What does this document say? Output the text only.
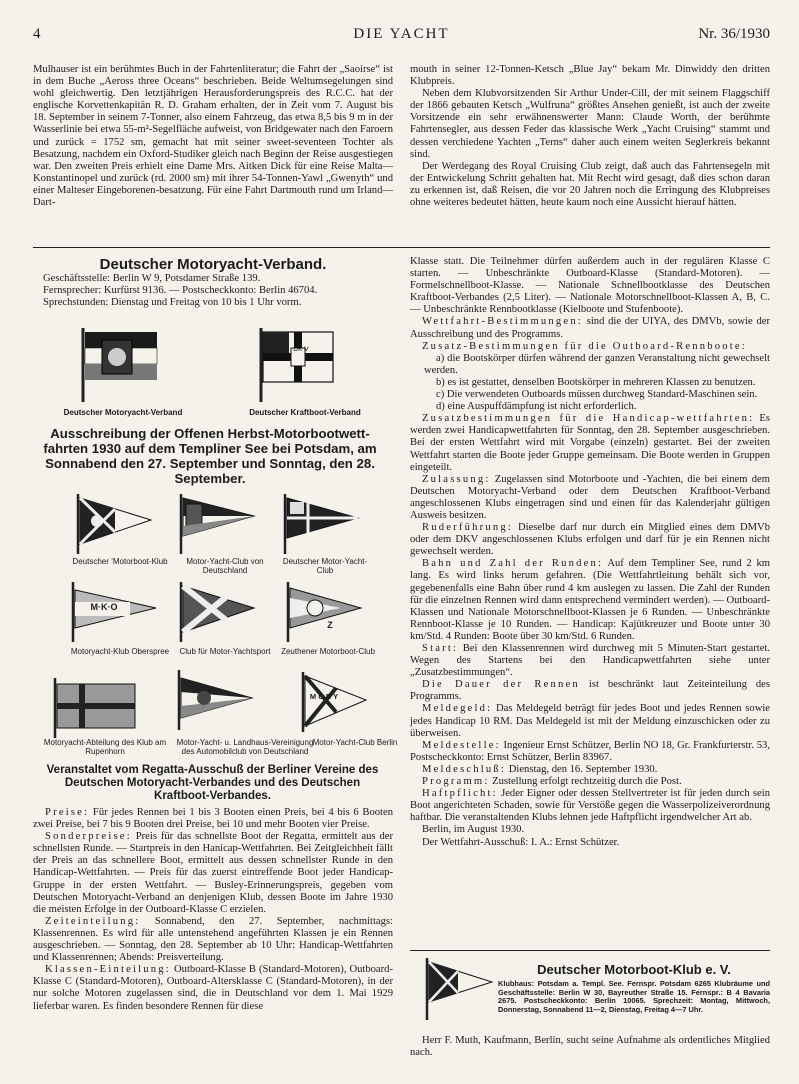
4	DIE YACHT	Nr. 36/1930

Mulhauser ist ein berühmtes Buch in der Fahrtenliteratur; die Fahrt der „Saoirse“ ist in dem Buche „Aeross three Oceans“ beschrieben. Beide Weltumsegelungen sind wohl gleichwertig. Den letztjährigen Herausforderungspreis des R.C.C. hat der englische Korvettenkapitän R. D. Graham erhalten, der in Zeit vom 7. August bis 18. September in seinem 7-Tonner, also einem Fahrzeug, das etwa 8,5 bis 9 m in der Wasserlinie bei etwa 55-m²-Segelfläche aufweist, von Bridgewater nach den Faroern und zurück = 1752 sm, gemacht hat mit seiner sweet-seventeen Tochter als Besatzung, nachdem ein Oxford-Studiker gleich nach Beginn der Reise ausgestiegen war. Den zweiten Preis erhielt eine Dame Mrs. Aitken Dick für eine Reise Malta—Konstantinopel und zurück (rd. 2000 sm) mit ihrer 54-Tonnen-Yawl „Gwenyth“ und einer Malteser Eingeborenen-besatzung. Für eine Fahrt Dartmouth rund um Irland—Dart-

mouth in seiner 12-Tonnen-Ketsch „Blue Jay“ bekam Mr. Dinwiddy den dritten Klubpreis.

Neben dem Klubvorsitzenden Sir Arthur Under-Cill, der mit seinem Flaggschiff der 1866 gebauten Ketsch „Wulfruna“ größtes Ansehen genießt, ist auch der zweite Vorsitzende ein sehr erwähnenswerter Mann: Claude Worth, der berühmte Fahrtensegler, aus dessen Feder das klassische Werk „Yacht Cruising“ stammt und dessen verchiedene Yachten „Terns“ daher auch einem weiten Seglerkreis bekannt sind.

Der Werdegang des Royal Cruising Club zeigt, daß auch das Fahrtensegeln mit der Entwickelung Schritt gehalten hat. Mit Recht wird gesagt, daß dies schon daran zu erkennen ist, daß Reisen, die vor 20 Jahren noch die Erringung des Klubpreises ohne weiteres bedeutet hätten, heute kaum noch eine Aussicht hierauf hätten.

Deutscher Motoryacht-Verband.
Geschäftsstelle: Berlin W 9, Potsdamer Straße 139.
Fernsprecher: Kurfürst 9136. — Postscheckkonto: Berlin 46704.
Sprechstunden: Dienstag und Freitag von 10 bis 1 Uhr vorm.
DK V
Deutscher Motoryacht-Verband	Deutscher Kraftboot-Verband
Ausschreibung der Offenen Herbst-Motorbootwett-fahrten 1930 auf dem Templiner See bei Potsdam, am Sonnabend den 27. September und Sonntag, den 28. September.
Deutscher ’Motorboot-Klub	Motor-Yacht-Club von Deutschland
Deutscher Motor-Yacht-Club
M·K·O
Z
Motoryacht-Klub Oberspree	Club für Motor-Yachtsport	Zeuthener Motorboot-Club
M C B Y
Motoryacht-Abteilung des Klub am Rupenhorn
Motor-Yacht- u. Landhaus-Vereinigung des Automobilclub von Deutschland
Motor-Yacht-Club Berlin
Veranstaltet vom Regatta-Ausschuß der Berliner Vereine des Deutschen Motoryacht-Verbandes und des Deutschen Kraftboot-Verbandes.

Preise: Für jedes Rennen bei 1 bis 3 Booten einen Preis, bei 4 bis 6 Booten zwei Preise, bei 7 bis 9 Booten drei Preise, bei 10 und mehr Booten vier Preise.

Sonderpreise: Preis für das schnellste Boot der Regatta, ermittelt aus der schnellsten Runde. — Startpreis in den Hanicap-Wettfahrten. Bei Zeitgleichheit fällt der Preis an das schnellere Boot, ermittelt aus dessen schnellster Runde in den Handicap-Wettfahrten. — Preis für das zuerst eintreffende Boot jeder Handicap-Gruppe in der ersten Wettfahrt. — Busley-Erinnerungspreis, gegeben vom Deutschen Motoryacht-Verband an denjenigen Klub, dessen Boote im Jahre 1930 die meisten Erfolge in der Outboard-Klasse C erzielen.

Zeiteinteilung: Sonnabend, den 27. September, nachmittags: Klassenrennen. Es wird für alle untenstehend angeführten Klassen je ein Rennen ausgeschrieben. — Sonntag, den 28. September ab 10 Uhr: Handicap-Wettfahrten und Klassenrennen; Abends: Preisverteilung.

Klassen-Einteilung: Outboard-Klasse B (Standard-Motoren), Outboard-Klasse C (Standard-Motoren), Outboard-Altersklasse C (Standard-Motoren), in der nur solche Motoren zugelassen sind, die in Deutschland vor dem 1. Mai 1929 lieferbar waren. Es finden besondere Rennen für diese

Klasse statt. Die Teilnehmer dürfen außerdem auch in der regulären Klasse C starten. — Unbeschränkte Outboard-Klasse (Standard-Motoren). — Formelschnellboot-Klasse. — Nationale Schnellbootklasse des Deutschen Kraftboot-Verbandes (2,5 Liter). — Nationale Motorschnellboot-Klassen A, B, C. — Unbeschränkte Rennbootklasse (Kielboote und Stufenboote).

Wettfahrt-Bestimmungen: sind die der UIYA, des DMVb, sowie der Ausschreibung und des Programms.

Zusatz-Bestimmungen für die Outboard-Rennboote:

a) die Bootskörper dürfen während der ganzen Veranstaltung nicht gewechselt werden.

b) es ist gestattet, denselben Bootskörper in mehreren Klassen zu benutzen.

c) Die verwendeten Outboards müssen durchweg Standard-Maschinen sein.

d) eine Auspuffdämpfung ist nicht erforderlich.

Zusatzbestimmungen für die Handicap-wettfahrten: Es werden zwei Handicapwettfahrten für Sonntag, den 28. September ausgeschrieben. Bei der ersten Wettfahrt wird mit Vorgabe (einzeln) gestartet. Bei der zweiten Wettfahrt starten die Boote jeder Gruppe gemeinsam. Die Boote werden in Gruppen eingeteilt.

Zulassung: Zugelassen sind Motorboote und -Yachten, die bei einem dem Deutschen Motoryacht-Verband oder dem Deutschen Kraftboot-Verband angeschlossenen Klubs eingetragen sind und einen für das Kalenderjahr gültigen Ausweis besitzen.

Ruderführung: Dieselbe darf nur durch ein Mitglied eines dem DMVb oder dem DKV angeschlossenen Klubs erfolgen und darf für je ein Rennen nicht gewechselt werden.

Bahn und Zahl der Runden: Auf dem Templiner See, rund 2 km lang. Es wird links herum gefahren. (Die Wettfahrtleitung behält sich vor, gegebenenfalls eine Bahn über rund 4 km auslegen zu lassen. Die Zahl der Runden für die einzelnen Rennen wird dann entsprechend vermindert werden). — Outboard-Klassen und Nationale Motorschnellboot-Klassen je 6 Runden. — Unbeschränkte Rennboot-Klasse je 10 Runden. — Handicap: Kajütkreuzer und Boote unter 30 km/Std. 4 Runden: Boote über 30 km/Std. 6 Runden.

Start: Bei den Klassenrennen wird durchweg mit 5 Minuten-Start gestartet. Wegen des Startens bei den Handicapwettfahrten siehe unter „Zusatzbestimmungen“.

Die Dauer der Rennen ist beschränkt laut Zeiteinteilung des Programms.

Meldegeld: Das Meldegeld beträgt für jedes Boot und jedes Rennen sowie jedes Handicap 10 RM. Das Meldegeld ist mit der Meldung einzuschicken oder zu überweisen.

Meldestelle: Ingenieur Ernst Schützer, Berlin NO 18, Gr. Frankfurterstr. 53, Postscheckkonto: Ernst Schützer, Berlin 83967.

Meldeschluß: Dienstag, den 16. September 1930.

Programm: Zustellung erfolgt rechtzeitig durch die Post.

Haftpflicht: Jeder Eigner oder dessen Stellvertreter ist für jeden durch sein Boot angerichteten Schaden, sowie für Verstöße gegen die Wasserpolizeiverordnung haftbar. Die veranstaltenden Klubs lehnen jede Haftpflicht irgendwelcher Art ab.

Berlin, im August 1930.

Der Wettfahrt-Ausschuß: I. A.: Ernst Schützer.

Deutscher Motorboot-Klub e. V.
Klubhaus: Potsdam a. Templ. See. Fernspr. Potsdam 6265 Klubräume und Geschäftsstelle: Berlin W 30, Bayreuther Straße 15. Fernspr.: B 4 Bavaria 2675. Postscheckkonto: Berlin 10065. Sprechzeit: Montag, Mittwoch, Donnerstag, Sonnabend 11—2, Dienstag, Freitag 4—7 Uhr.

Herr F. Muth, Kaufmann, Berlin, sucht seine Aufnahme als ordentliches Mitglied nach.
